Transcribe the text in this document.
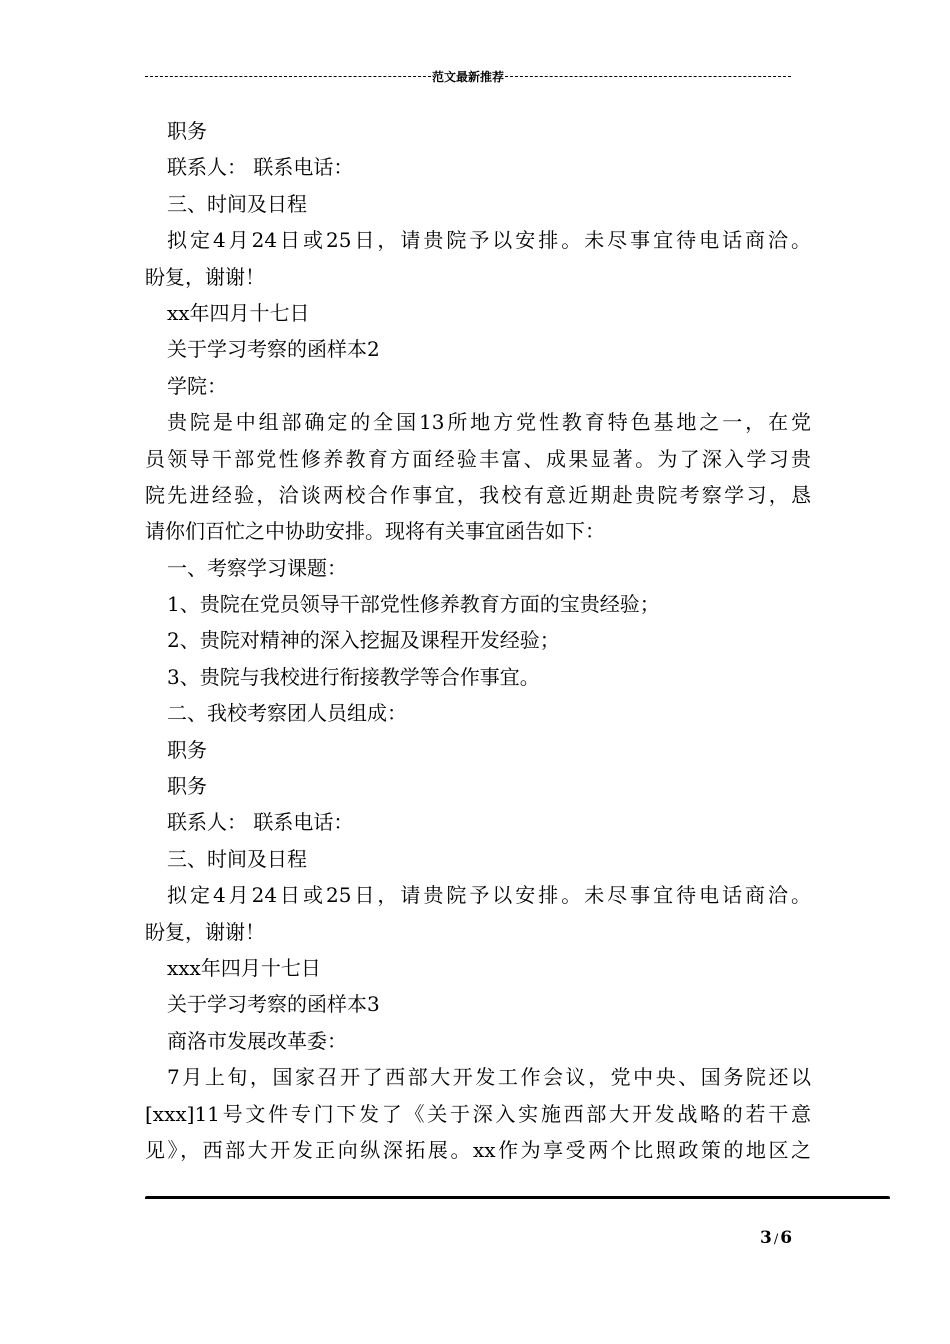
范文最新推荐
职务
联系人： 联系电话：
三、时间及日程
拟定4月24日或25日，请贵院予以安排。未尽事宜待电话商洽。
盼复，谢谢！
xx年四月十七日
关于学习考察的函样本2
学院：
贵院是中组部确定的全国13所地方党性教育特色基地之一，在党
员领导干部党性修养教育方面经验丰富、成果显著。为了深入学习贵
院先进经验，洽谈两校合作事宜，我校有意近期赴贵院考察学习，恳
请你们百忙之中协助安排。现将有关事宜函告如下：
一、考察学习课题：
1、贵院在党员领导干部党性修养教育方面的宝贵经验；
2、贵院对精神的深入挖掘及课程开发经验；
3、贵院与我校进行衔接教学等合作事宜。
二、我校考察团人员组成：
职务
职务
联系人： 联系电话：
三、时间及日程
拟定4月24日或25日，请贵院予以安排。未尽事宜待电话商洽。
盼复，谢谢！
xxx年四月十七日
关于学习考察的函样本3
商洛市发展改革委：
7月上旬，国家召开了西部大开发工作会议，党中央、国务院还以
[xxx]11号文件专门下发了《关于深入实施西部大开发战略的若干意
见》，西部大开发正向纵深拓展。xx作为享受两个比照政策的地区之
3 / 6
